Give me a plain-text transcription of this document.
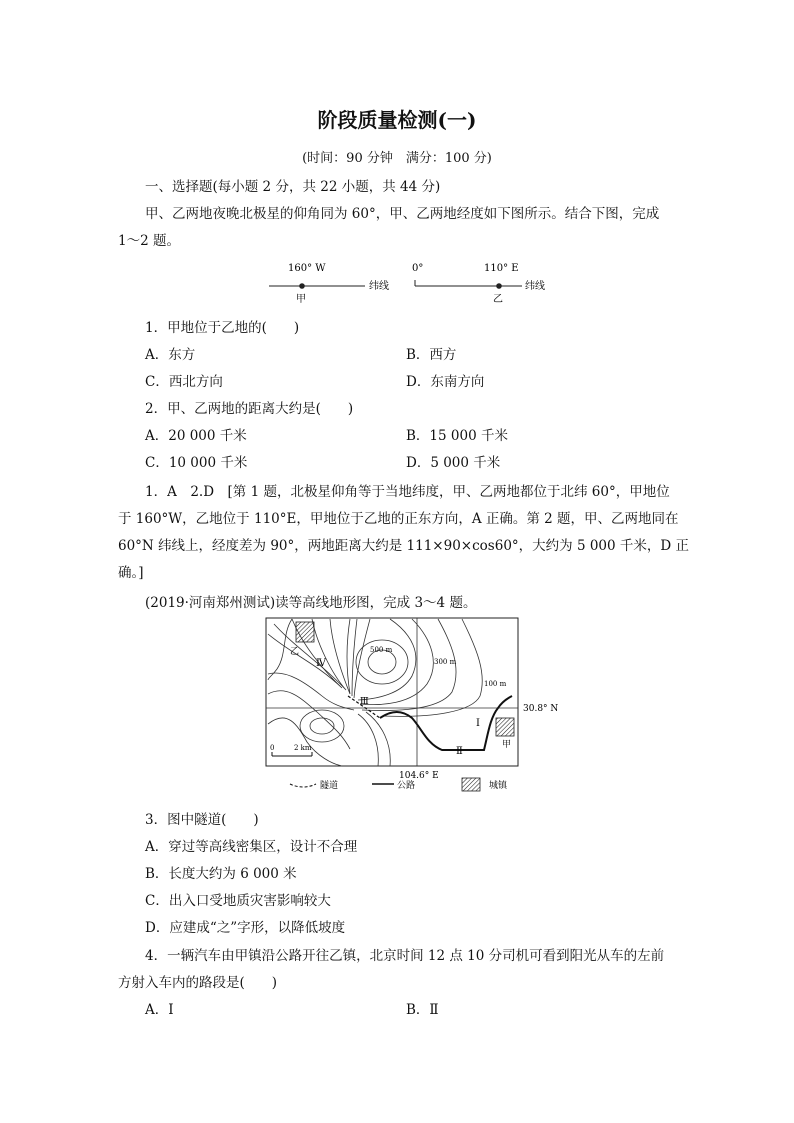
阶段质量检测(一)
(时间：90 分钟　满分：100 分)
一、选择题(每小题 2 分，共 22 小题，共 44 分)
甲、乙两地夜晚北极星的仰角同为 60°，甲、乙两地经度如下图所示。结合下图，完成
1～2 题。
160° W
甲
纬线
0°	110° E
乙
纬线
1．甲地位于乙地的(　　)
A．东方	B．西方
C．西北方向	D．东南方向
2．甲、乙两地的距离大约是(　　)
A．20 000 千米	B．15 000 千米
C．10 000 千米	D．5 000 千米
1．A　2.D　[第 1 题，北极星仰角等于当地纬度，甲、乙两地都位于北纬 60°，甲地位
于 160°W，乙地位于 110°E，甲地位于乙地的正东方向，A 正确。第 2 题，甲、乙两地同在
60°N 纬线上，经度差为 90°，两地距离大约是 111×90×cos60°，大约为 5 000 千米，D 正
确。]
(2019·河南郑州测试)读等高线地形图，完成 3～4 题。
乙
甲
500 m
300 m
100 m
Ⅰ
Ⅱ
Ⅲ
Ⅳ
30.8° N
104.6° E
0	2 km
隧道	公路	城镇
3．图中隧道(　　)
A．穿过等高线密集区，设计不合理
B．长度大约为 6 000 米
C．出入口受地质灾害影响较大
D．应建成“之”字形，以降低坡度
4．一辆汽车由甲镇沿公路开往乙镇，北京时间 12 点 10 分司机可看到阳光从车的左前
方射入车内的路段是(　　)
A．Ⅰ	B．Ⅱ
